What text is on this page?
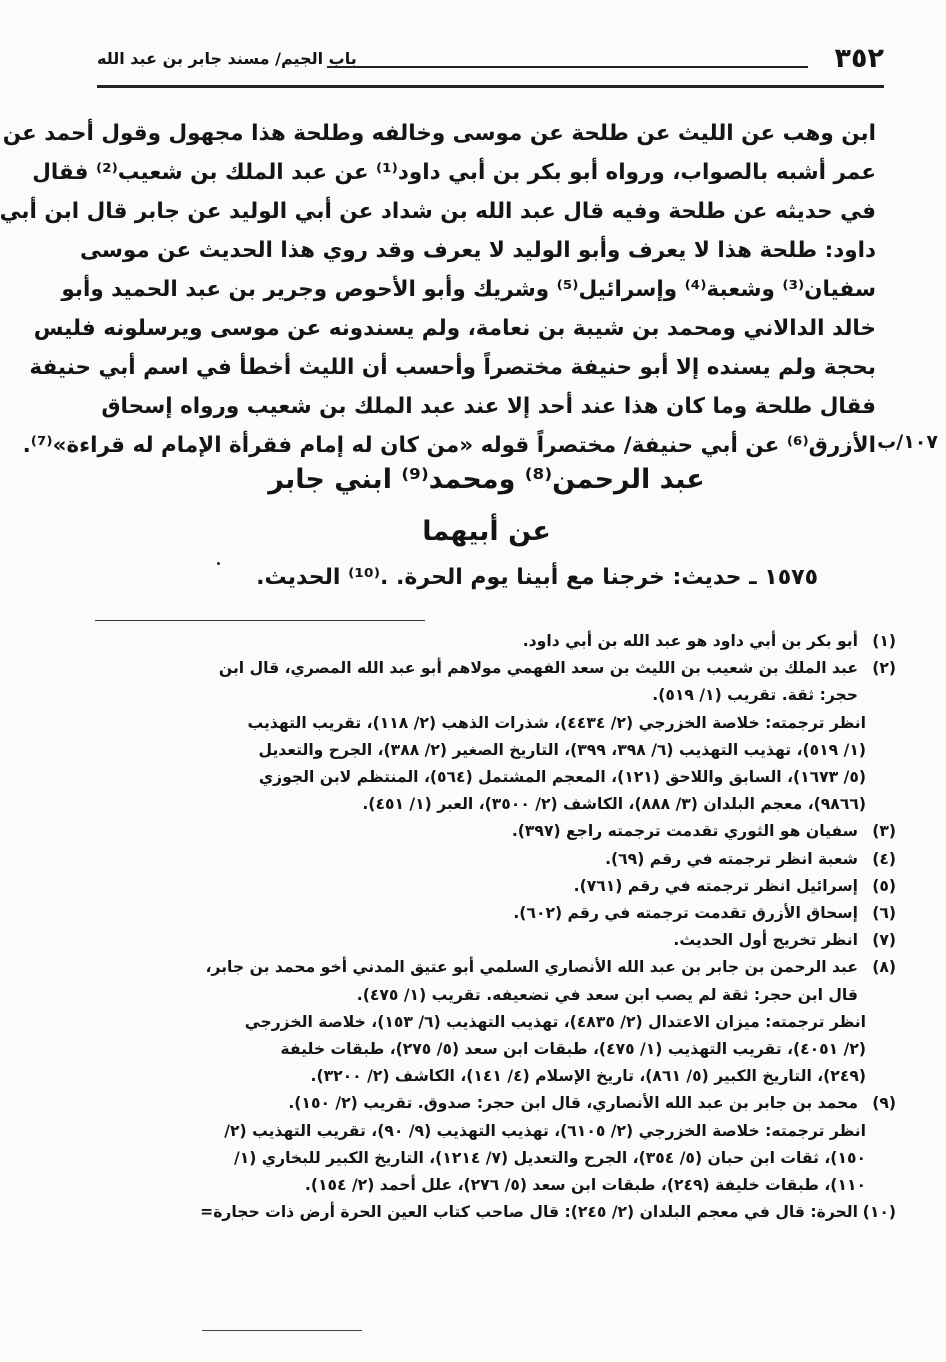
٣٥٢
باب الجيم/ مسند جابر بن عبد الله
ابن وهب عن الليث عن طلحة عن موسى وخالفه وطلحة هذا مجهول وقول أحمد عن
عمر أشبه بالصواب، ورواه أبو بكر بن أبي داود⁽¹⁾ عن عبد الملك بن شعيب⁽²⁾ فقال
في حديثه عن طلحة وفيه قال عبد الله بن شداد عن أبي الوليد عن جابر قال ابن أبي
داود: طلحة هذا لا يعرف وأبو الوليد لا يعرف وقد روي هذا الحديث عن موسى
سفيان⁽³⁾ وشعبة⁽⁴⁾ وإسرائيل⁽⁵⁾ وشريك وأبو الأحوص وجرير بن عبد الحميد وأبو
خالد الدالاني ومحمد بن شيبة بن نعامة، ولم يسندونه عن موسى ويرسلونه فليس
بحجة ولم يسنده إلا أبو حنيفة مختصراً وأحسب أن الليث أخطأ في اسم أبي حنيفة
فقال طلحة وما كان هذا عند أحد إلا عند عبد الملك بن شعيب ورواه إسحاق
الأزرق⁽⁶⁾ عن أبي حنيفة/ مختصراً قوله «من كان له إمام فقرأة الإمام له قراءة»⁽⁷⁾. ١٠٧/ب
عبد الرحمن⁽⁸⁾ ومحمد⁽⁹⁾ ابني جابر
عن أبيهما
١٥٧٥ ـ حديث: خرجنا مع أبينا يوم الحرة. .⁽¹⁰⁾ الحديث.
(١)أبو بكر بن أبي داود هو عبد الله بن أبي داود.
(٢)عبد الملك بن شعيب بن الليث بن سعد الفهمي مولاهم أبو عبد الله المصري، قال ابن
حجر: ثقة. تقريب (١/ ٥١٩).
انظر ترجمته: خلاصة الخزرجي (٢/ ٤٤٣٤)، شذرات الذهب (٢/ ١١٨)، تقريب التهذيب
(١/ ٥١٩)، تهذيب التهذيب (٦/ ٣٩٨، ٣٩٩)، التاريخ الصغير (٢/ ٣٨٨)، الجرح والتعديل
(٥/ ١٦٧٣)، السابق واللاحق (١٢١)، المعجم المشتمل (٥٦٤)، المنتظم لابن الجوزي
(٩٨٦٦)، معجم البلدان (٣/ ٨٨٨)، الكاشف (٢/ ٣٥٠٠)، العبر (١/ ٤٥١).
(٣)سفيان هو الثوري تقدمت ترجمته راجع (٣٩٧).
(٤)شعبة انظر ترجمته في رقم (٦٩).
(٥)إسرائيل انظر ترجمته في رقم (٧٦١).
(٦)إسحاق الأزرق تقدمت ترجمته في رقم (٦٠٢).
(٧)انظر تخريج أول الحديث.
(٨)عبد الرحمن بن جابر بن عبد الله الأنصاري السلمي أبو عتيق المدني أخو محمد بن جابر،
قال ابن حجر: ثقة لم يصب ابن سعد في تضعيفه. تقريب (١/ ٤٧٥).
انظر ترجمته: ميزان الاعتدال (٢/ ٤٨٣٥)، تهذيب التهذيب (٦/ ١٥٣)، خلاصة الخزرجي
(٢/ ٤٠٥١)، تقريب التهذيب (١/ ٤٧٥)، طبقات ابن سعد (٥/ ٢٧٥)، طبقات خليفة
(٢٤٩)، التاريخ الكبير (٥/ ٨٦١)، تاريخ الإسلام (٤/ ١٤١)، الكاشف (٢/ ٣٢٠٠).
(٩)محمد بن جابر بن عبد الله الأنصاري، قال ابن حجر: صدوق. تقريب (٢/ ١٥٠).
انظر ترجمته: خلاصة الخزرجي (٢/ ٦١٠٥)، تهذيب التهذيب (٩/ ٩٠)، تقريب التهذيب (٢/
١٥٠)، ثقات ابن حبان (٥/ ٣٥٤)، الجرح والتعديل (٧/ ١٢١٤)، التاريخ الكبير للبخاري (١/
١١٠)، طبقات خليفة (٢٤٩)، طبقات ابن سعد (٥/ ٢٧٦)، علل أحمد (٢/ ١٥٤).
(١٠)الحرة: قال في معجم البلدان (٢/ ٢٤٥): قال صاحب كتاب العين الحرة أرض ذات حجارة=
